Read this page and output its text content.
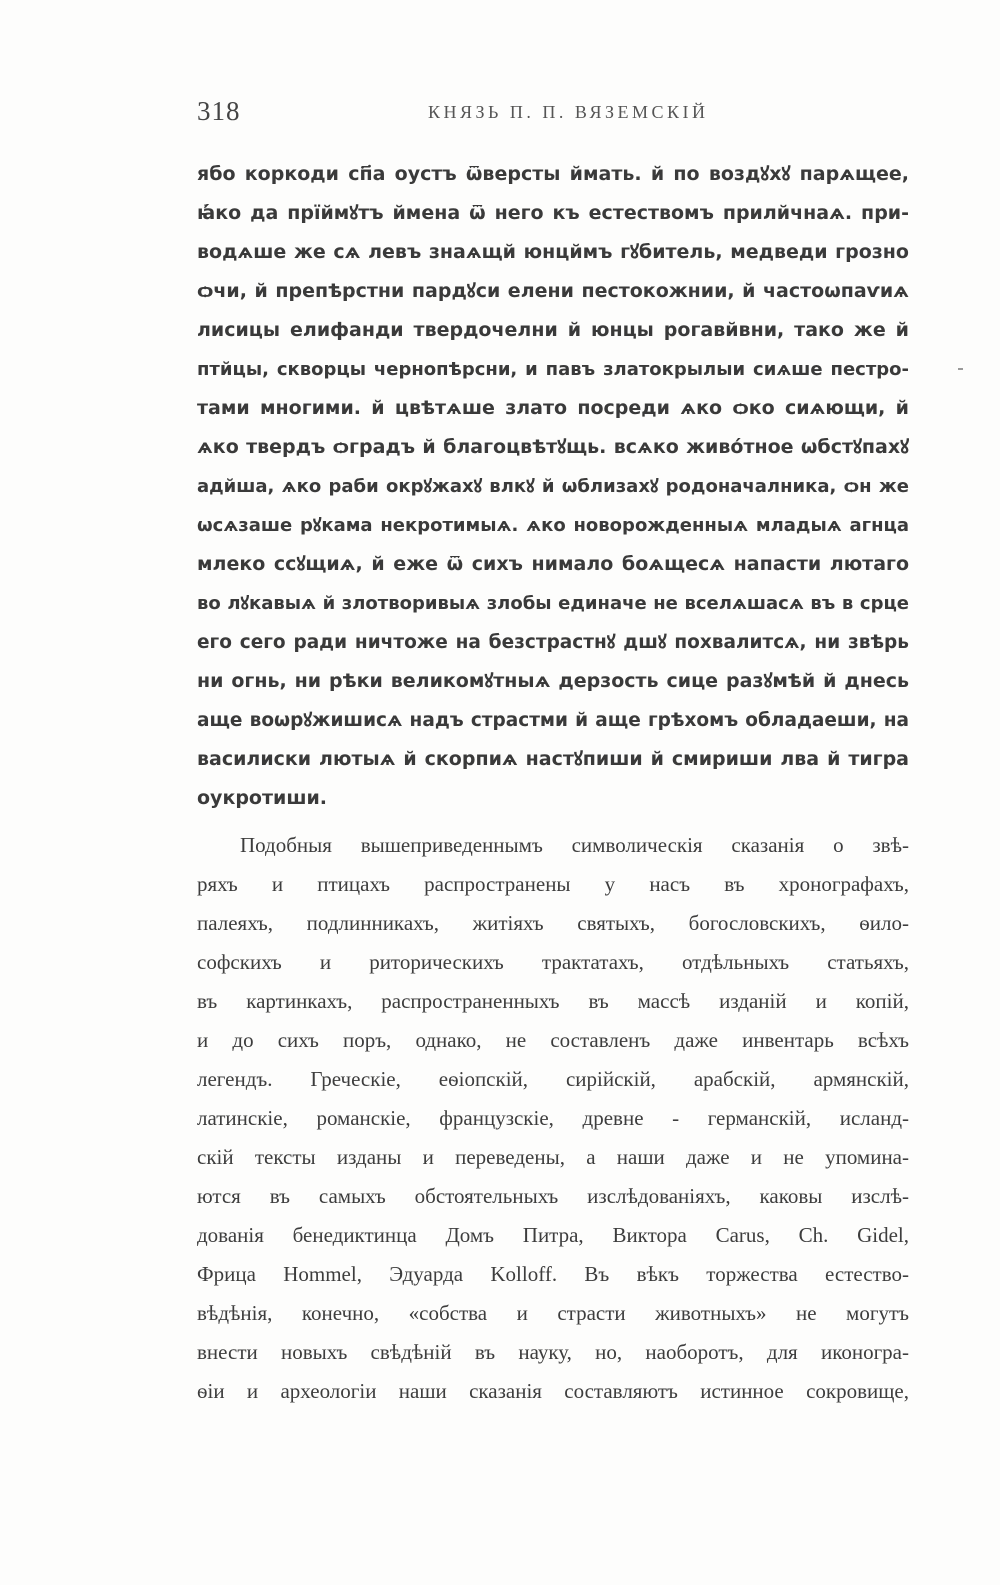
318	КНЯЗЬ П. П. ВЯЗЕМСКІЙ
ябо коркоди сп҃а оустъ ѿверсты ймать. й по воздꙋхꙋ парѧщее,
ꙗ҆́ко да прїймꙋтъ ймена ѿ него къ естествомъ прилйчнаѧ. при-
водѧше же сѧ левъ знаѧщй юнцймъ гꙋбитель, медведи грозно
ѻчи, й препѣрстни пардꙋси елени пестокожнии, й частоѡпаѵиѧ
лисицы елифанди твердочелни й юнцы рогавйвни, тако же й
птйцы, скворцы чернопѣрсни, и павъ златокрылыи сиѧше пестро-
тами многими. й цвѣтѧше злато посреди ѧко ѻко сиѧющи, й
ѧко твердъ ѻградъ й благоцвѣтꙋщь. всѧко живо́тное ѡбстꙋпахꙋ
адйша, ѧко раби окрꙋжахꙋ влкꙋ й ѡблизахꙋ родоначалника, ѻн же
ѡсѧзаше рꙋкама некротимыѧ. ѧко новорожденныѧ младыѧ агнца
млеко ссꙋщиѧ, й еже ѿ сихъ нимало боѧщесѧ напасти лютаго
во лꙋкавыѧ й злотворивыѧ злобы единаче не вселѧшасѧ въ в срце
его сего ради ничтоже на безстрастнꙋ дшꙋ похвалитсѧ, ни звѣрь
ни огнь, ни рѣки великомꙋтныѧ дерзость сице разꙋмѣй й днесь
аще воѡрꙋжишисѧ надъ страстми й аще грѣхомъ обладаеши, на
василиски лютыѧ й скорпиѧ настꙋпиши й смириши лва й тигра
оукротиши.
Подобныя вышеприведеннымъ символическія сказанія о звѣ-
ряхъ и птицахъ распространены у насъ въ хронографахъ,
палеяхъ, подлинникахъ, житіяхъ святыхъ, богословскихъ, ѳило-
софскихъ и риторическихъ трактатахъ, отдѣльныхъ статьяхъ,
въ картинкахъ, распространенныхъ въ массѣ изданій и копій,
и до сихъ поръ, однако, не составленъ даже инвентарь всѣхъ
легендъ. Греческіе, еѳіопскій, сирійскій, арабскій, армянскій,
латинскіе, романскіе, французскіе, древне - германскій, исланд-
скій тексты изданы и переведены, а наши даже и не упомина-
ются въ самыхъ обстоятельныхъ изслѣдованіяхъ, каковы изслѣ-
дованія бенедиктинца Домъ Питра, Виктора Carus, Ch. Gidel,
Фрица Hommel, Эдуарда Kolloff. Въ вѣкъ торжества естество-
вѣдѣнія, конечно, «собства и страсти животныхъ» не могутъ
внести новыхъ свѣдѣній въ науку, но, наоборотъ, для иконогра-
ѳіи и археологіи наши сказанія составляютъ истинное сокровище,
